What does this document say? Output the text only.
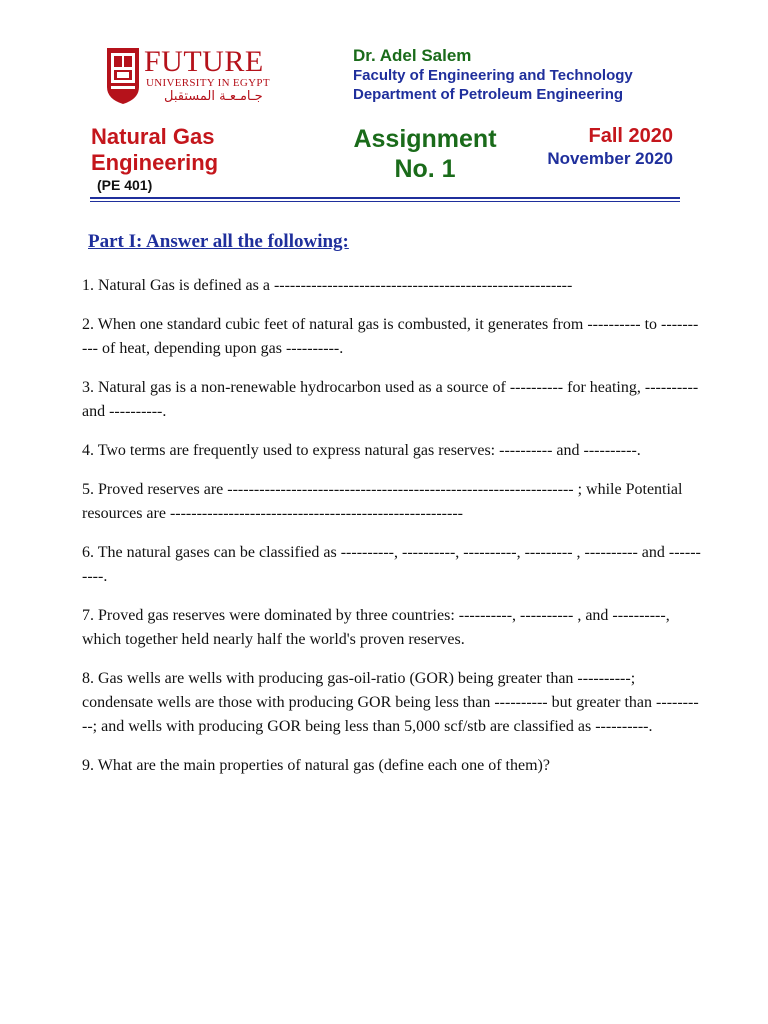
FUTURE
UNIVERSITY IN EGYPT
جـامـعـة المستقبل
Dr. Adel Salem
Faculty of Engineering and Technology
Department of Petroleum Engineering
Natural Gas
Engineering
(PE 401)
Assignment
No. 1
Fall 2020
November 2020
Part I: Answer all the following:
1. Natural Gas is defined as a --------------------------------------------------------
2. When one standard cubic feet of natural gas is combusted, it generates from ---------- to ---------- of heat, depending upon gas ----------.
3. Natural gas is a non-renewable hydrocarbon used as a source of ---------- for heating, ---------- and ----------.
4. Two terms are frequently used to express natural gas reserves: ---------- and ----------.
5. Proved reserves are ----------------------------------------------------------------- ; while Potential resources are -------------------------------------------------------
6. The natural gases can be classified as ----------, ----------, ----------, --------- , ---------- and ----------.
7. Proved gas reserves were dominated by three countries: ----------, ---------- , and ----------, which together held nearly half the world's proven reserves.
8. Gas wells are wells with producing gas-oil-ratio (GOR) being greater than ----------; condensate wells are those with producing GOR being less than ---------- but greater than ----------; and wells with producing GOR being less than 5,000 scf/stb are classified as ----------.
9. What are the main properties of natural gas (define each one of them)?
